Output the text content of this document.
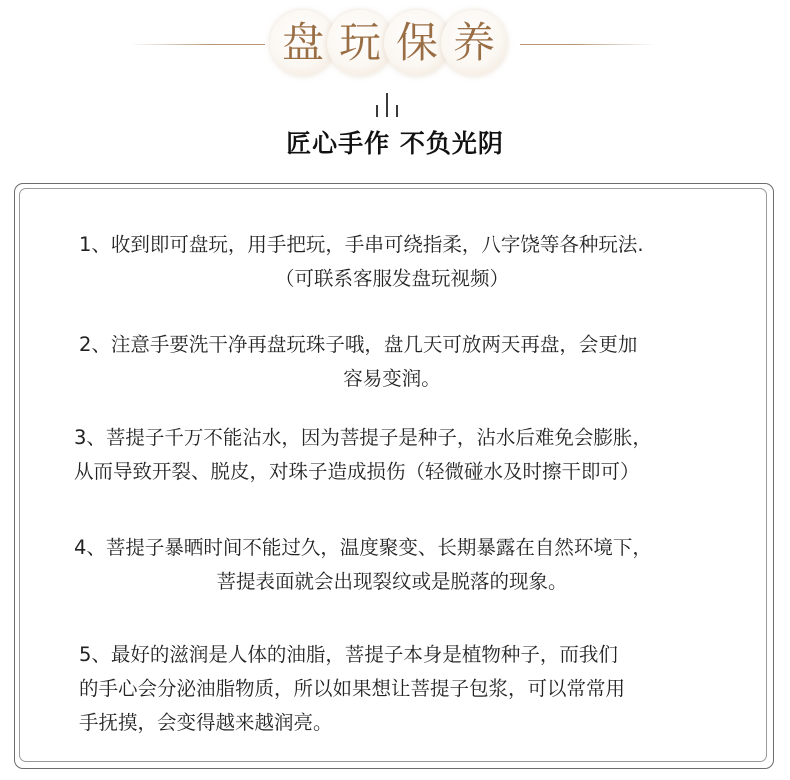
盘 玩 保 养
匠心手作 不负光阴
1、收到即可盘玩，用手把玩，手串可绕指柔，八字饶等各种玩法.
（可联系客服发盘玩视频）
2、注意手要洗干净再盘玩珠子哦，盘几天可放两天再盘，会更加
容易变润。
3、菩提子千万不能沾水，因为菩提子是种子，沾水后难免会膨胀，
从而导致开裂、脱皮，对珠子造成损伤（轻微碰水及时擦干即可）
4、菩提子暴晒时间不能过久，温度聚变、长期暴露在自然环境下，
菩提表面就会出现裂纹或是脱落的现象。
5、最好的滋润是人体的油脂，菩提子本身是植物种子，而我们
的手心会分泌油脂物质，所以如果想让菩提子包浆，可以常常用
手抚摸，会变得越来越润亮。
